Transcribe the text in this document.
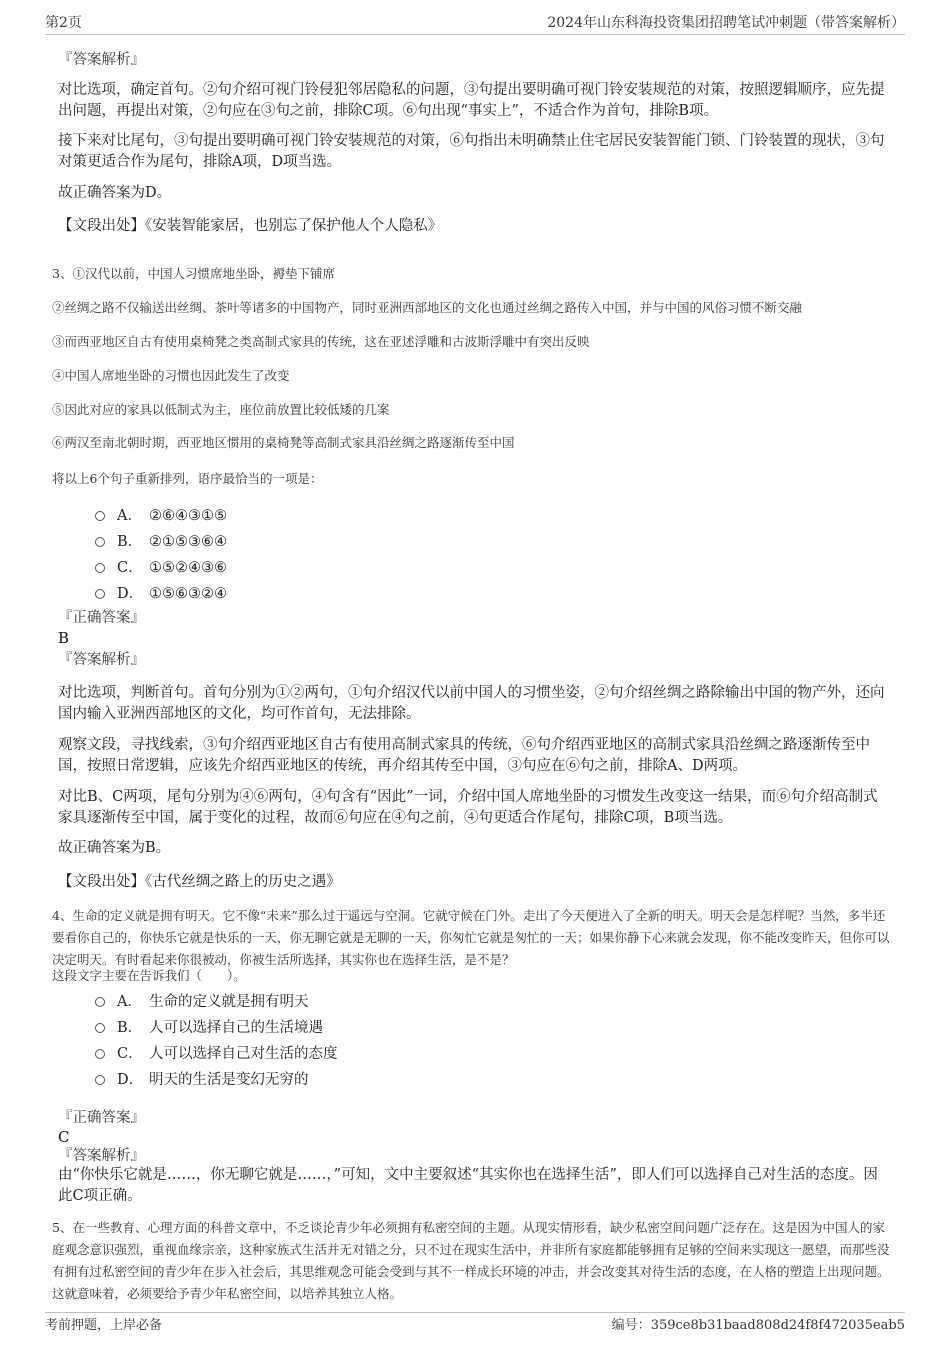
第2页	2024年山东科海投资集团招聘笔试冲刺题（带答案解析）
『答案解析』
对比选项，确定首句。②句介绍可视门铃侵犯邻居隐私的问题，③句提出要明确可视门铃安装规范的对策，按照逻辑顺序，应先提出问题，再提出对策，②句应在③句之前，排除C项。⑥句出现“事实上”，不适合作为首句，排除B项。
接下来对比尾句，③句提出要明确可视门铃安装规范的对策，⑥句指出未明确禁止住宅居民安装智能门锁、门铃装置的现状，③句对策更适合作为尾句，排除A项，D项当选。
故正确答案为D。
【文段出处】《安装智能家居，也别忘了保护他人个人隐私》
3、①汉代以前，中国人习惯席地坐卧，褥垫下铺席
②丝绸之路不仅输送出丝绸、茶叶等诸多的中国物产，同时亚洲西部地区的文化也通过丝绸之路传入中国，并与中国的风俗习惯不断交融
③而西亚地区自古有使用桌椅凳之类高制式家具的传统，这在亚述浮雕和古波斯浮雕中有突出反映
④中国人席地坐卧的习惯也因此发生了改变
⑤因此对应的家具以低制式为主，座位前放置比较低矮的几案
⑥两汉至南北朝时期，西亚地区惯用的桌椅凳等高制式家具沿丝绸之路逐渐传至中国
将以上6个句子重新排列，语序最恰当的一项是：
A． ②⑥④③①⑤
B． ②①⑤③⑥④
C． ①⑤②④③⑥
D． ①⑤⑥③②④
『正确答案』
B
『答案解析』
对比选项，判断首句。首句分别为①②两句，①句介绍汉代以前中国人的习惯坐姿，②句介绍丝绸之路除输出中国的物产外，还向国内输入亚洲西部地区的文化，均可作首句，无法排除。
观察文段，寻找线索，③句介绍西亚地区自古有使用高制式家具的传统，⑥句介绍西亚地区的高制式家具沿丝绸之路逐渐传至中国，按照日常逻辑，应该先介绍西亚地区的传统，再介绍其传至中国，③句应在⑥句之前，排除A、D两项。
对比B、C两项，尾句分别为④⑥两句，④句含有“因此”一词，介绍中国人席地坐卧的习惯发生改变这一结果，而⑥句介绍高制式家具逐渐传至中国，属于变化的过程，故而⑥句应在④句之前，④句更适合作尾句，排除C项，B项当选。
故正确答案为B。
【文段出处】《古代丝绸之路上的历史之遇》
4、生命的定义就是拥有明天。它不像“未来”那么过于遥远与空洞。它就守候在门外。走出了今天便进入了全新的明天。明天会是怎样呢？当然，多半还要看你自己的，你快乐它就是快乐的一天，你无聊它就是无聊的一天，你匆忙它就是匆忙的一天；如果你静下心来就会发现，你不能改变昨天，但你可以决定明天。有时看起来你很被动，你被生活所选择，其实你也在选择生活，是不是？
这段文字主要在告诉我们（　　）。
A． 生命的定义就是拥有明天
B． 人可以选择自己的生活境遇
C． 人可以选择自己对生活的态度
D． 明天的生活是变幻无穷的
『正确答案』
C
『答案解析』
由“你快乐它就是……，你无聊它就是……，”可知，文中主要叙述“其实你也在选择生活”，即人们可以选择自己对生活的态度。因此C项正确。
5、在一些教育、心理方面的科普文章中，不乏谈论青少年必须拥有私密空间的主题。从现实情形看，缺少私密空间问题广泛存在。这是因为中国人的家庭观念意识强烈，重视血缘宗亲，这种家族式生活并无对错之分，只不过在现实生活中，并非所有家庭都能够拥有足够的空间来实现这一愿望，而那些没有拥有过私密空间的青少年在步入社会后，其思维观念可能会受到与其不一样成长环境的冲击，并会改变其对待生活的态度，在人格的塑造上出现问题。这就意味着，必须要给予青少年私密空间，以培养其独立人格。
考前押题，上岸必备	编号：359ce8b31baad808d24f8f472035eab5
